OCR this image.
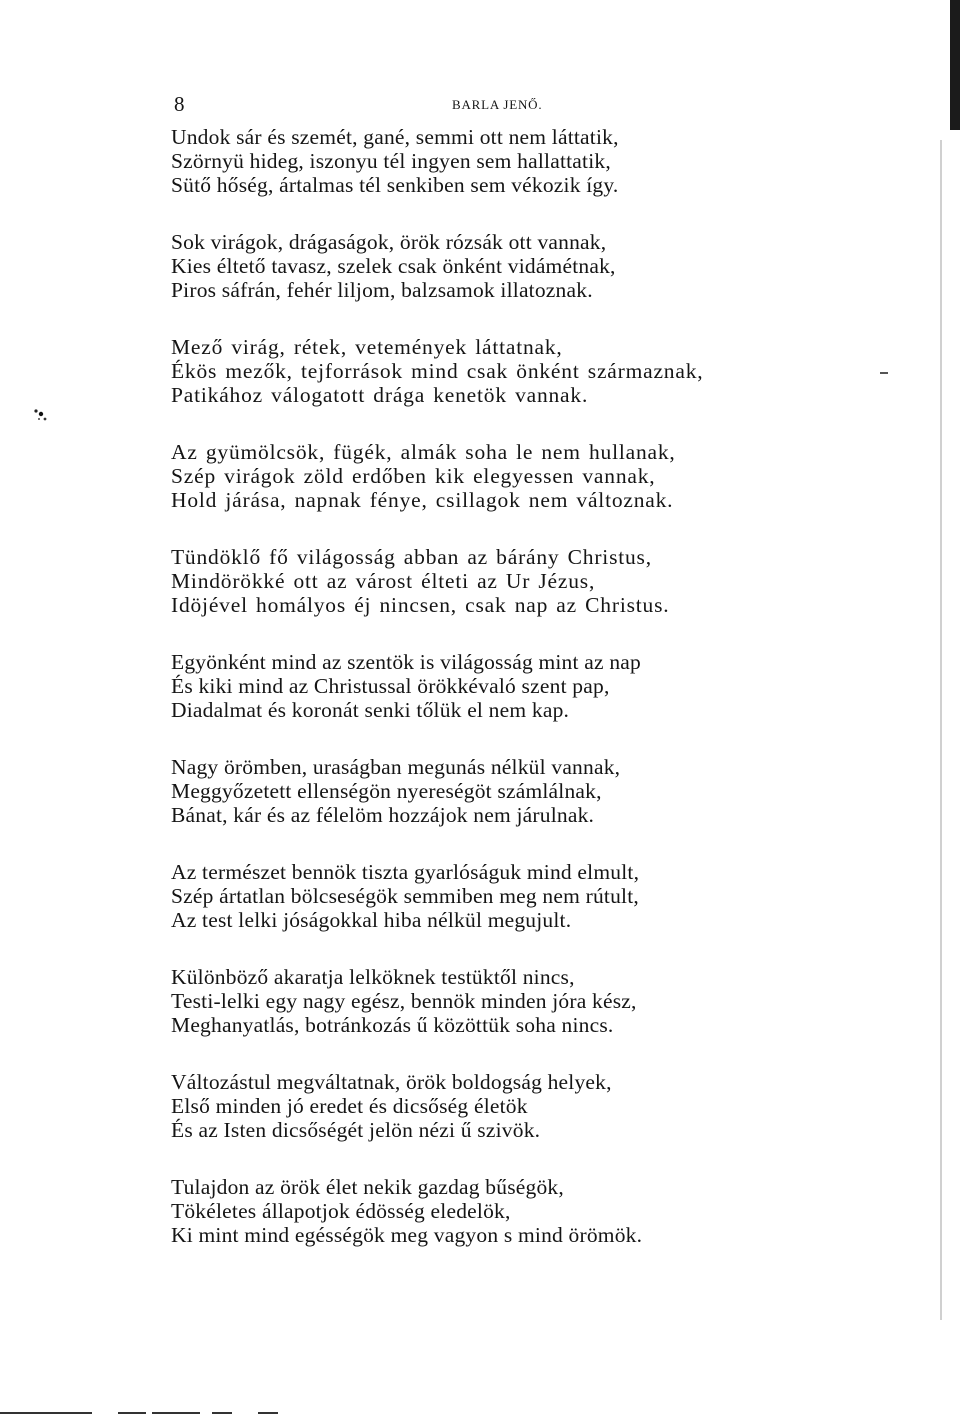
8	BARLA JENŐ.
Undok sár és szemét, gané, semmi ott nem láttatik,
Szörnyü hideg, iszonyu tél ingyen sem hallattatik,
Sütő hőség, ártalmas tél senkiben sem vékozik így.
Sok virágok, drágaságok, örök rózsák ott vannak,
Kies éltető tavasz, szelek csak önként vidámétnak,
Piros sáfrán, fehér liljom, balzsamok illatoznak.
Mező virág, rétek, vetemények láttatnak,
Ékös mezők, tejforrások mind csak önként származnak,
Patikához válogatott drága kenetök vannak.
Az gyümölcsök, fügék, almák soha le nem hullanak,
Szép virágok zöld erdőben kik elegyessen vannak,
Hold járása, napnak fénye, csillagok nem változnak.
Tündöklő fő világosság abban az bárány Christus,
Mindörökké ott az várost élteti az Ur Jézus,
Idöjével homályos éj nincsen, csak nap az Christus.
Egyönként mind az szentök is világosság mint az nap
És kiki mind az Christussal örökkévaló szent pap,
Diadalmat és koronát senki tőlük el nem kap.
Nagy örömben, uraságban megunás nélkül vannak,
Meggyőzetett ellenségön nyereségöt számlálnak,
Bánat, kár és az félelöm hozzájok nem járulnak.
Az természet bennök tiszta gyarlóságuk mind elmult,
Szép ártatlan bölcseségök semmiben meg nem rútult,
Az test lelki jóságokkal hiba nélkül megujult.
Különböző akaratja lelköknek testüktől nincs,
Testi-lelki egy nagy egész, bennök minden jóra kész,
Meghanyatlás, botránkozás ű közöttük soha nincs.
Változástul megváltatnak, örök boldogság helyek,
Első minden jó eredet és dicsőség életök
És az Isten dicsőségét jelön nézi ű szivök.
Tulajdon az örök élet nekik gazdag bűségök,
Tökéletes állapotjok édösség eledelök,
Ki mint mind egésségök meg vagyon s mind örömök.
